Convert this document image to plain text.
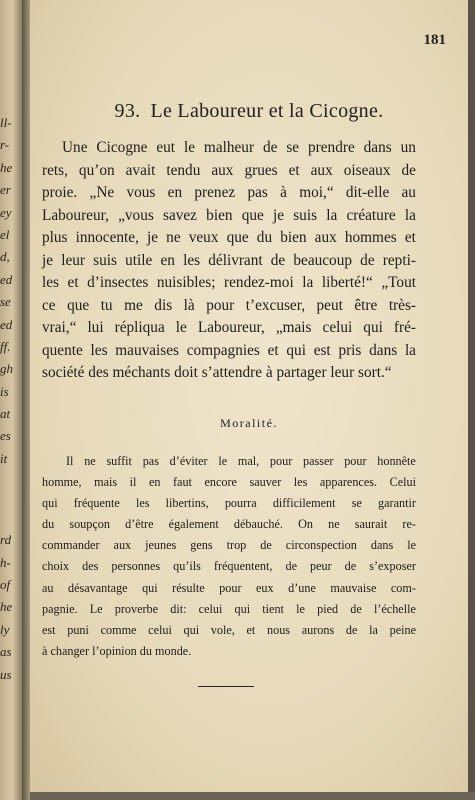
ll-
r-
he
er
ey
el
d,
ed
se
ed
ff.
gh
is
at
es
it
rd
h-
of
he
ly
as
us
181
93. Le Laboureur et la Cicogne.
Une Cicogne eut le malheur de se prendre dans un
rets, qu’on avait tendu aux grues et aux oiseaux de
proie. „Ne vous en prenez pas à moi,“ dit-elle au
Laboureur, „vous savez bien que je suis la créature la
plus innocente, je ne veux que du bien aux hommes et
je leur suis utile en les délivrant de beaucoup de repti-
les et d’insectes nuisibles; rendez-moi la liberté!“ „Tout
ce que tu me dis là pour t’excuser, peut être très-
vrai,“ lui répliqua le Laboureur, „mais celui qui fré-
quente les mauvaises compagnies et qui est pris dans la
société des méchants doit s’attendre à partager leur sort.“
Moralité.
Il ne suffit pas d’éviter le mal, pour passer pour honnête
homme, mais il en faut encore sauver les apparences. Celui
qui fréquente les libertins, pourra difficilement se garantir
du soupçon d’être également débauché. On ne saurait re-
commander aux jeunes gens trop de circonspection dans le
choix des personnes qu’ils fréquentent, de peur de s’exposer
au désavantage qui résulte pour eux d’une mauvaise com-
pagnie. Le proverbe dit: celui qui tient le pied de l’échelle
est puni comme celui qui vole, et nous aurons de la peine
à changer l’opinion du monde.
